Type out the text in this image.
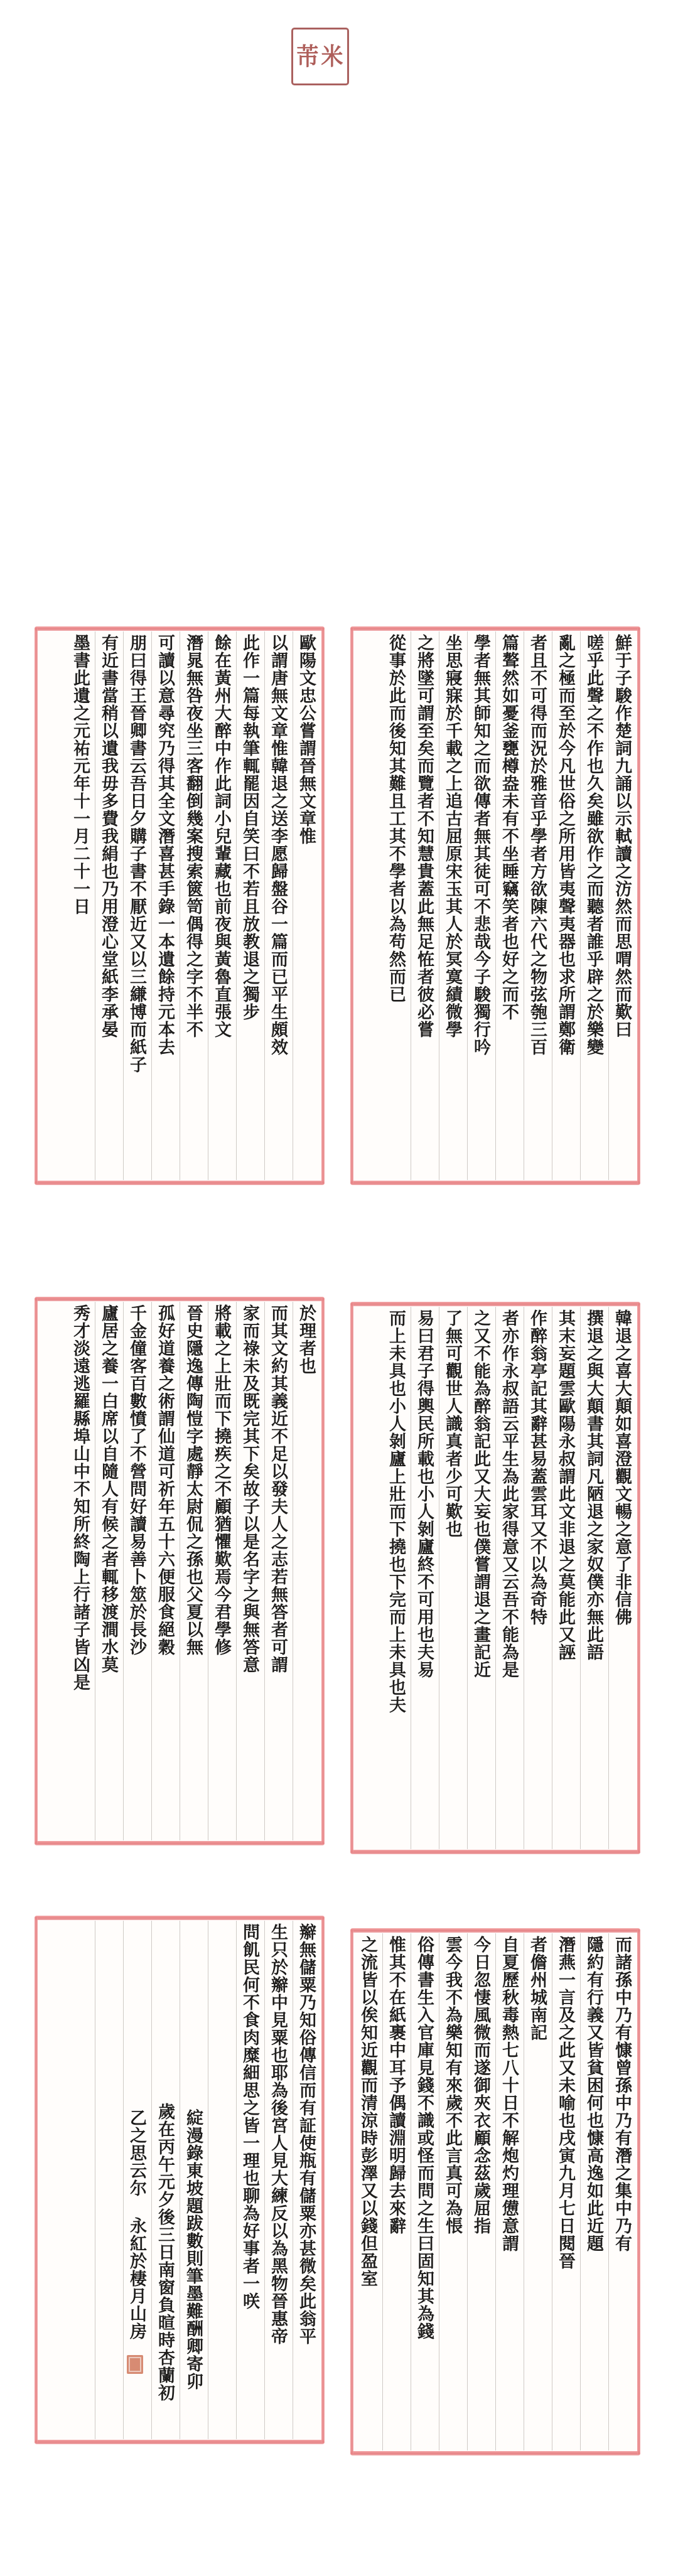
米
芾
歐陽文忠公嘗謂晉無文章惟
以謂唐無文章惟韓退之送李愿歸盤谷一篇而已平生頗效
此作一篇每執筆輒罷因自笑曰不若且放教退之獨步
餘在黃州大醉中作此詞小兒輩藏也前夜與黃魯直張文
潛晁無咎夜坐三客翻倒幾案搜索篋笥偶得之字不半不
可讀以意尋究乃得其全文潛喜甚手錄一本遺餘持元本去
朋曰得王晉卿書云吾日夕購子書不厭近又以三縑博而紙子
有近書當稍以遺我毋多費我絹也乃用澄心堂紙李承晏
墨書此遺之元祐元年十一月二十一日	鮮于子駿作楚詞九誦以示軾讀之汸然而思喟然而歎曰
嗟乎此聲之不作也久矣雖欲作之而聽者誰乎辟之於樂變
亂之極而至於今凡世俗之所用皆夷聲夷器也求所謂鄭衛
者且不可得而況於雅音乎學者方欲陳六代之物弦匏三百
篇聱然如憂釜甕樽盎未有不坐睡竊笑者也好之而不
學者無其師知之而欲傳者無其徒可不悲哉今子駿獨行吟
坐思寢寐於千載之上追古屈原宋玉其人於冥寞績微學
之將墜可謂至矣而覽者不知慧貴蓋此無足恠者彼必嘗
從事於此而後知其難且工其不學者以為苟然而已
於理者也
而其文約其義近不足以發夫人之志若無答者可謂
家而祿未及既完其下矣故子以是名字之與無答意
將載之上壯而下撓疾之不顧猶懼歎焉今君學修
晉史隱逸傳陶愷字處靜太尉侃之孫也父夏以無
孤好道養之術謂仙道可祈年五十六便服食絕穀
千金僮客百數憤了不營問好讀易善卜筮於長沙
廬居之養一白席以自隨人有候之者輒移渡澗水莫
秀才淡遠逃羅縣埠山中不知所終陶上行諸子皆凶是	韓退之喜大顛如喜澄觀文暢之意了非信佛
撰退之與大顛書其詞凡陋退之家奴僕亦無此語
其末妄題雲歐陽永叔謂此文非退之莫能此又誣
作醉翁亭記其辭甚易蓋雲耳又不以為奇特
者亦作永叔語云平生為此家得意又云吾不能為是
之又不能為醉翁記此又大妄也僕嘗謂退之畫記近
了無可觀世人識真者少可歎也
易曰君子得輿民所載也小人剝廬終不可用也夫易
而上未具也小人剝廬上壯而下撓也下完而上未具也夫
辮無儲粟乃知俗傳信而有証使瓶有儲粟亦甚微矣此翁平
生只於辮中見粟也耶為後宮人見大練反以為黑物晉惠帝
問飢民何不食肉糜細思之皆一理也聊為好事者一咲
綻漫錄東坡題跋數則筆墨難酬卿寄卯
歲在丙午元夕後三日南窗負暄時杏蘭初
乙之思云尔 永紅於棲月山房	而諸孫中乃有慷曾孫中乃有潛之集中乃有
隱約有行義又皆貧困何也慷高逸如此近題
潛燕一言及之此又未喻也戌寅九月七日閱晉
者儋州城南記
自夏歷秋毒熱七八十日不解炮灼理憊意謂
今日忽悽風微而遂御夾衣顧念茲歲屈指
雲今我不為樂知有來歲不此言真可為悵
俗傳書生入官庫見錢不識或怪而問之生曰固知其為錢
惟其不在紙裹中耳予偶讀淵明歸去來辭
之流皆以俟知近觀而清涼時彭澤又以錢但盈室
